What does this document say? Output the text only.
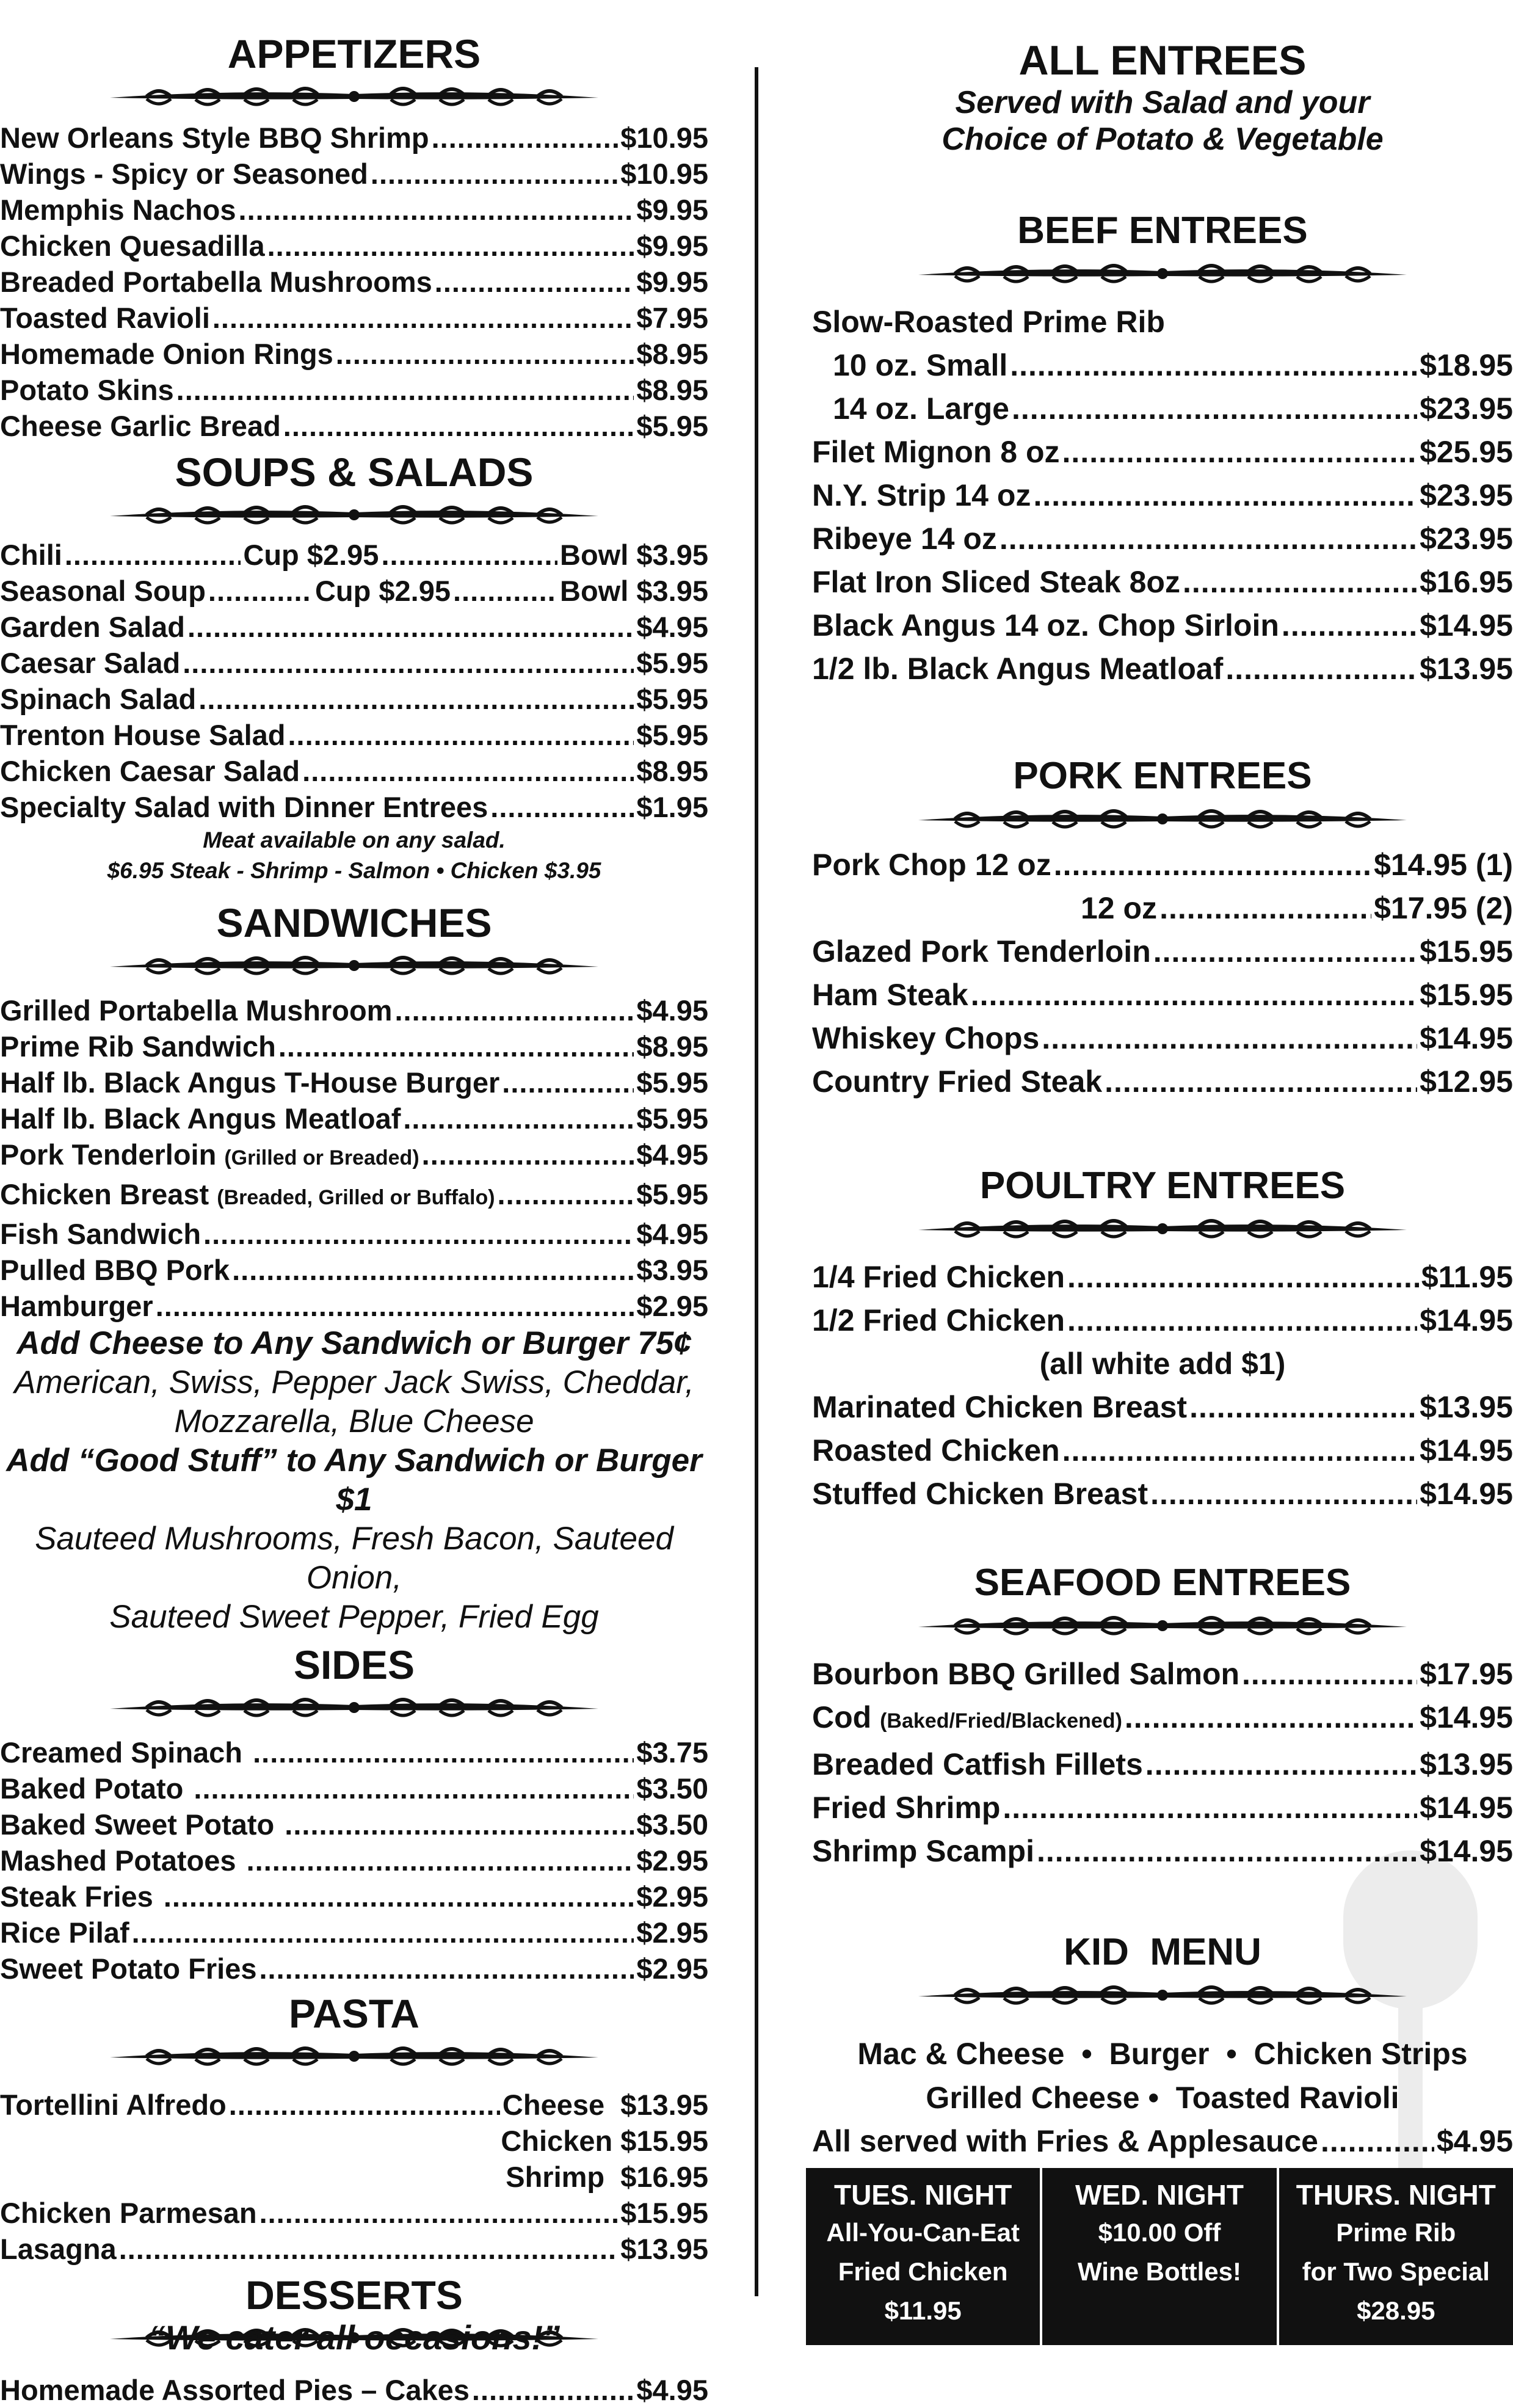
APPETIZERS
New Orleans Style BBQ Shrimp .....	$10.95
Wings - Spicy or Seasoned .....	$10.95
Memphis Nachos .....	$9.95
Chicken Quesadilla .....	$9.95
Breaded Portabella Mushrooms .....	$9.95
Toasted Ravioli .....	$7.95
Homemade Onion Rings .....	$8.95
Potato Skins .....	$8.95
Cheese Garlic Bread .....	$5.95
SOUPS & SALADS
Chili .....	Cup $2.95 .....	Bowl $3.95
Seasonal Soup .....	Cup $2.95 .....	Bowl $3.95
Garden Salad .....	$4.95
Caesar Salad .....	$5.95
Spinach Salad .....	$5.95
Trenton House Salad .....	$5.95
Chicken Caesar Salad .....	$8.95
Specialty Salad with Dinner Entrees .....	$1.95
Meat available on any salad.
$6.95 Steak - Shrimp - Salmon • Chicken $3.95
SANDWICHES
Grilled Portabella Mushroom .....	$4.95
Prime Rib Sandwich .....	$8.95
Half lb. Black Angus T-House Burger .....	$5.95
Half lb. Black Angus Meatloaf .....	$5.95
Pork Tenderloin (Grilled or Breaded) .....	$4.95
Chicken Breast (Breaded, Grilled or Buffalo) .....	$5.95
Fish Sandwich .....	$4.95
Pulled BBQ Pork .....	$3.95
Hamburger .....	$2.95
Add Cheese to Any Sandwich or Burger 75¢
American, Swiss, Pepper Jack Swiss, Cheddar,
Mozzarella, Blue Cheese
Add “Good Stuff” to Any Sandwich or Burger $1
Sauteed Mushrooms, Fresh Bacon, Sauteed Onion,
Sauteed Sweet Pepper, Fried Egg
SIDES
Creamed Spinach .....	$3.75
Baked Potato .....	$3.50
Baked Sweet Potato .....	$3.50
Mashed Potatoes .....	$2.95
Steak Fries .....	$2.95
Rice Pilaf .....	$2.95
Sweet Potato Fries .....	$2.95
PASTA
Tortellini Alfredo .....	Cheese  $13.95
Chicken $15.95
Shrimp  $16.95
Chicken Parmesan .....	$15.95
Lasagna .....	$13.95
DESSERTS
Homemade Assorted Pies – Cakes .....	$4.95
“We cater all occasions!”
ALL ENTREES
Served with Salad and your
Choice of Potato & Vegetable
BEEF ENTREES
Slow-Roasted Prime Rib
10 oz. Small .....	$18.95
14 oz. Large .....	$23.95
Filet Mignon 8 oz .....	$25.95
N.Y. Strip 14 oz .....	$23.95
Ribeye 14 oz .....	$23.95
Flat Iron Sliced Steak 8oz .....	$16.95
Black Angus 14 oz. Chop Sirloin .....	$14.95
1/2 lb. Black Angus Meatloaf .....	$13.95
PORK ENTREES
Pork Chop 12 oz .....	$14.95 (1)
12 oz .....	$17.95 (2)
Glazed Pork Tenderloin .....	$15.95
Ham Steak .....	$15.95
Whiskey Chops .....	$14.95
Country Fried Steak .....	$12.95
POULTRY ENTREES
1/4 Fried Chicken .....	$11.95
1/2 Fried Chicken .....	$14.95
(all white add $1)
Marinated Chicken Breast .....	$13.95
Roasted Chicken .....	$14.95
Stuffed Chicken Breast .....	$14.95
SEAFOOD ENTREES
Bourbon BBQ Grilled Salmon .....	$17.95
Cod (Baked/Fried/Blackened) .....	$14.95
Breaded Catfish Fillets .....	$13.95
Fried Shrimp .....	$14.95
Shrimp Scampi .....	$14.95
KID  MENU
Mac & Cheese  •  Burger  •  Chicken Strips
Grilled Cheese •  Toasted Ravioli
All served with Fries & Applesauce .....	$4.95
TUES. NIGHT
All-You-Can-Eat
Fried Chicken
$11.95
WED. NIGHT
$10.00 Off
Wine Bottles!
THURS. NIGHT
Prime Rib
for Two Special
$28.95
